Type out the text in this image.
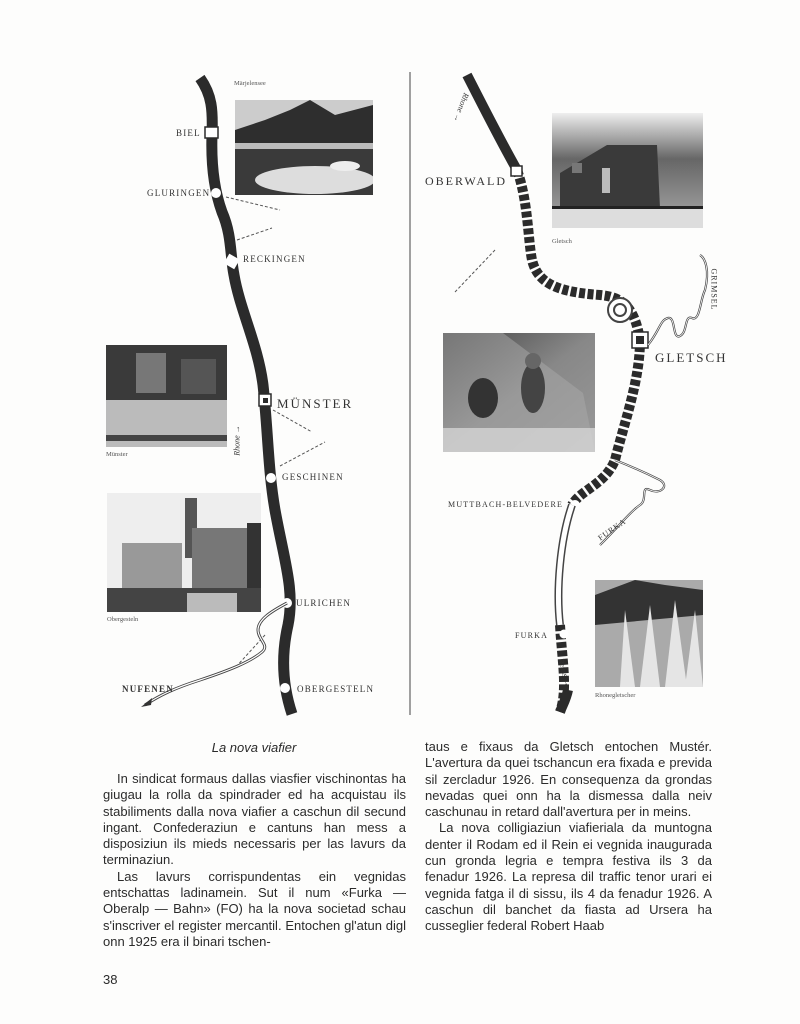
Märjelensee
Münster
Obergesteln
Gletsch
Rhonegletscher
BIEL
GLURINGEN
RECKINGEN
MÜNSTER
GESCHINEN
ULRICHEN
OBERGESTELN
NUFENEN
Rhone →
OBERWALD
GLETSCH
MUTTBACH-BELVEDERE
FURKA
GRIMSEL
FURKA
Rhone →
Reuss →
La nova viafier

In sindicat formaus dallas viasfier vischinontas ha giugau la rolla da spindrader ed ha acquistau ils stabiliments dalla nova viafier a caschun dil secund ingant. Confederaziun e cantuns han mess a disposiziun ils mieds necessaris per las lavurs da terminaziun.

Las lavurs corrispundentas ein vegnidas entschattas ladinamein. Sut il num «Furka — Oberalp — Bahn» (FO) ha la nova societad schau s'inscriver el register mercantil. Entochen gl'atun digl onn 1925 era il binari tschen-

taus e fixaus da Gletsch entochen Mustér. L'avertura da quei tschancun era fixada e previda sil zercladur 1926. En consequenza da grondas nevadas quei onn ha la dismessa dalla neiv caschunau in retard dall'avertura per in meins.

La nova colligiaziun viafieriala da muntogna denter il Rodam ed il Rein ei vegnida inaugurada cun gronda legria e tempra festiva ils 3 da fenadur 1926. La represa dil traffic tenor urari ei vegnida fatga il di sissu, ils 4 da fenadur 1926. A caschun dil banchet da fiasta ad Ursera ha cusseglier federal Robert Haab

38
